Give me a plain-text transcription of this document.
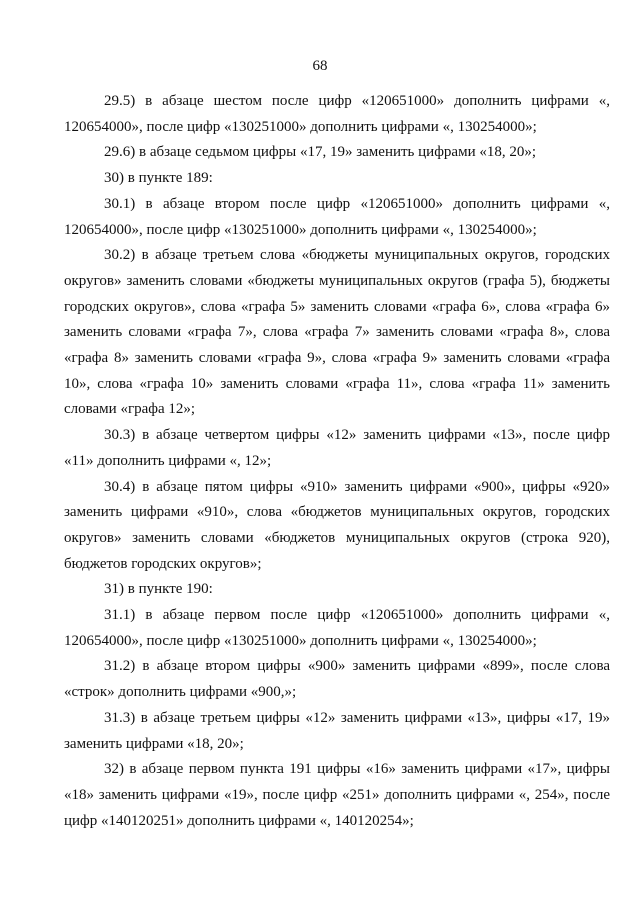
68

29.5) в абзаце шестом после цифр «120651000» дополнить цифрами «, 120654000», после цифр «130251000» дополнить цифрами «, 130254000»;

29.6) в абзаце седьмом цифры «17, 19» заменить цифрами «18, 20»;

30) в пункте 189:

30.1) в абзаце втором после цифр «120651000» дополнить цифрами «, 120654000», после цифр «130251000» дополнить цифрами «, 130254000»;

30.2) в абзаце третьем слова «бюджеты муниципальных округов, городских округов» заменить словами «бюджеты муниципальных округов (графа 5), бюджеты городских округов», слова «графа 5» заменить словами «графа 6», слова «графа 6» заменить словами «графа 7», слова «графа 7» заменить словами «графа 8», слова «графа 8» заменить словами «графа 9», слова «графа 9» заменить словами «графа 10», слова «графа 10» заменить словами «графа 11», слова «графа 11» заменить словами «графа 12»;

30.3) в абзаце четвертом цифры «12» заменить цифрами «13», после цифр «11» дополнить цифрами «, 12»;

30.4) в абзаце пятом цифры «910» заменить цифрами «900», цифры «920» заменить цифрами «910», слова «бюджетов муниципальных округов, городских округов» заменить словами «бюджетов муниципальных округов (строка 920), бюджетов городских округов»;

31) в пункте 190:

31.1) в абзаце первом после цифр «120651000» дополнить цифрами «, 120654000», после цифр «130251000» дополнить цифрами «, 130254000»;

31.2) в абзаце втором цифры «900» заменить цифрами «899», после слова «строк» дополнить цифрами «900,»;

31.3) в абзаце третьем цифры «12» заменить цифрами «13», цифры «17, 19» заменить цифрами «18, 20»;

32) в абзаце первом пункта 191 цифры «16» заменить цифрами «17», цифры «18» заменить цифрами «19», после цифр «251» дополнить цифрами «, 254», после цифр «140120251» дополнить цифрами «, 140120254»;
